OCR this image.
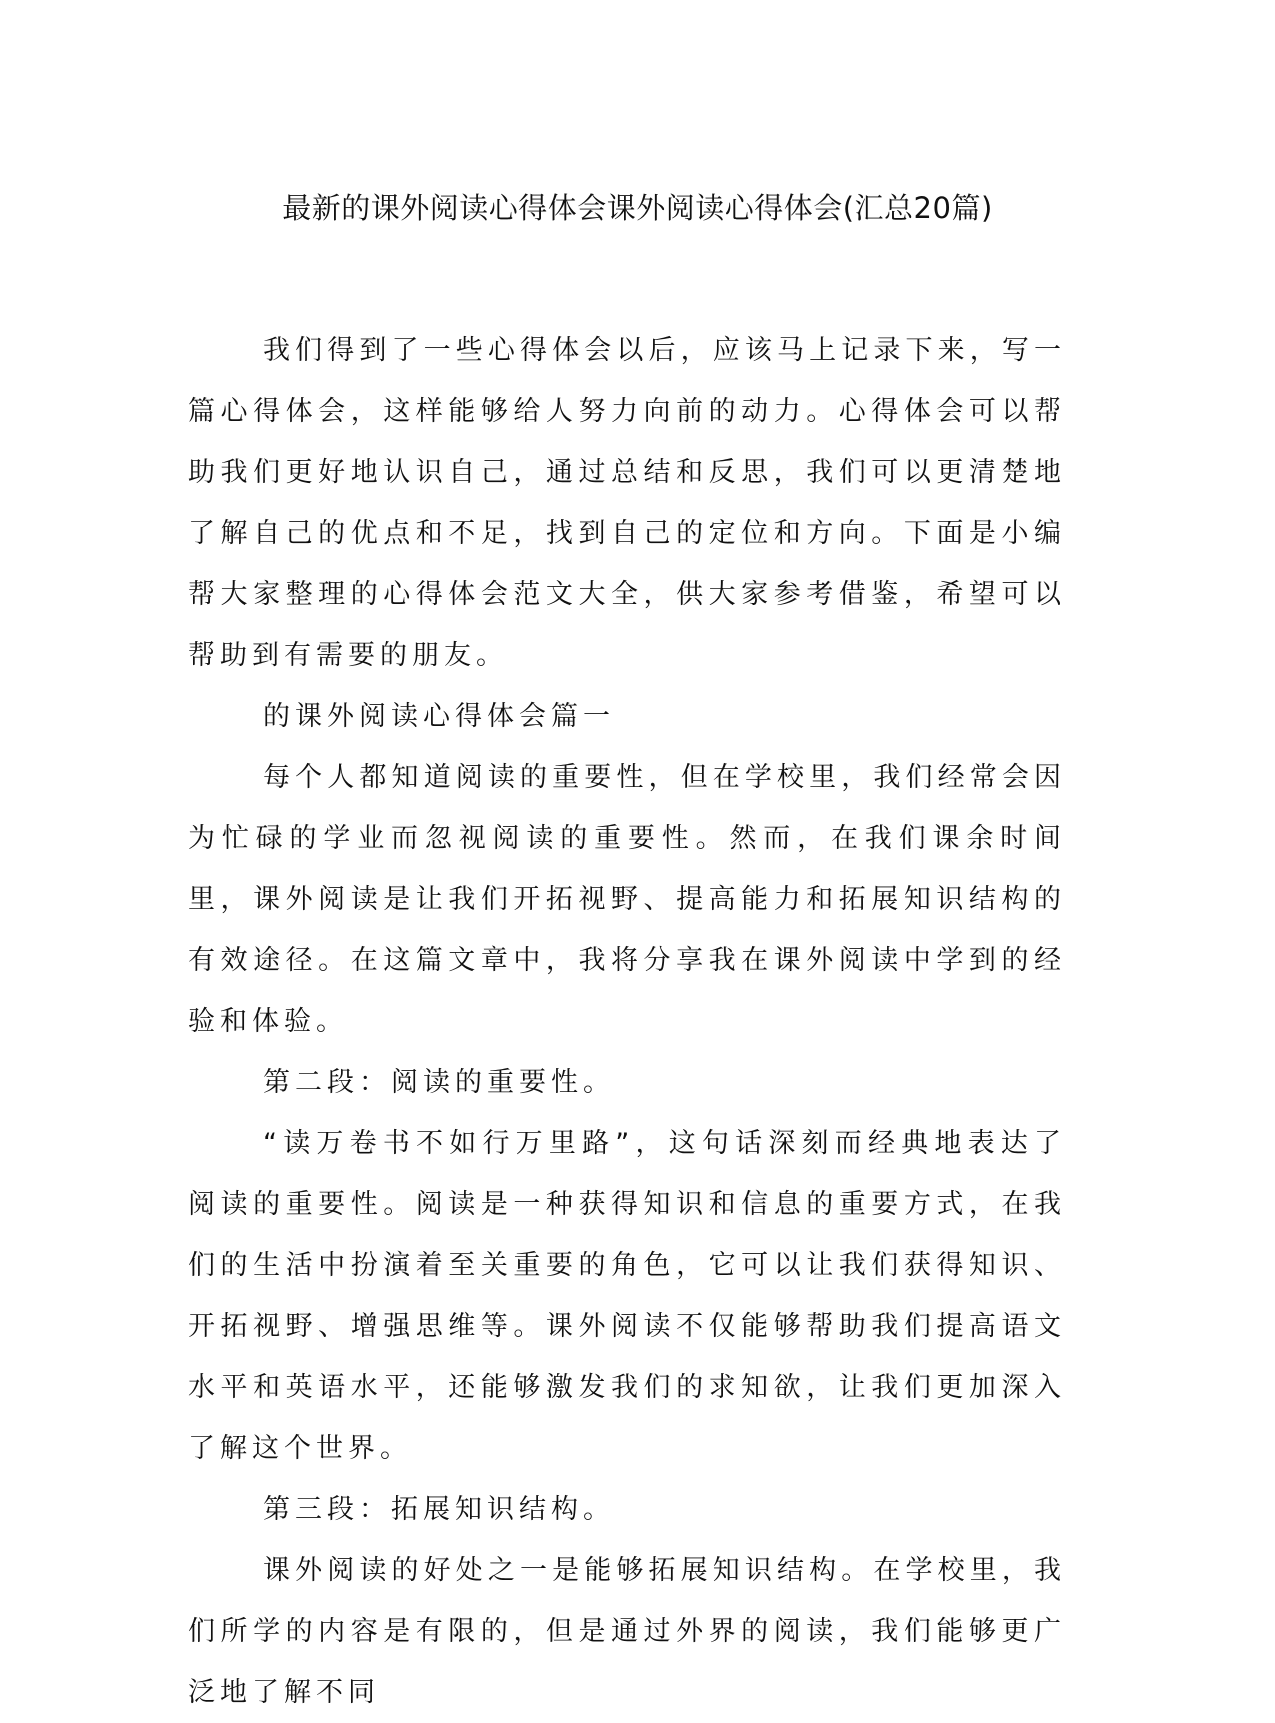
最新的课外阅读心得体会课外阅读心得体会(汇总20篇)

我们得到了一些心得体会以后，应该马上记录下来，写一篇心得体会，这样能够给人努力向前的动力。心得体会可以帮助我们更好地认识自己，通过总结和反思，我们可以更清楚地了解自己的优点和不足，找到自己的定位和方向。下面是小编帮大家整理的心得体会范文大全，供大家参考借鉴，希望可以帮助到有需要的朋友。

的课外阅读心得体会篇一

每个人都知道阅读的重要性，但在学校里，我们经常会因为忙碌的学业而忽视阅读的重要性。然而，在我们课余时间里，课外阅读是让我们开拓视野、提高能力和拓展知识结构的有效途径。在这篇文章中，我将分享我在课外阅读中学到的经验和体验。

第二段：阅读的重要性。

“读万卷书不如行万里路”，这句话深刻而经典地表达了阅读的重要性。阅读是一种获得知识和信息的重要方式，在我们的生活中扮演着至关重要的角色，它可以让我们获得知识、开拓视野、增强思维等。课外阅读不仅能够帮助我们提高语文水平和英语水平，还能够激发我们的求知欲，让我们更加深入了解这个世界。

第三段：拓展知识结构。

课外阅读的好处之一是能够拓展知识结构。在学校里，我们所学的内容是有限的，但是通过外界的阅读，我们能够更广泛地了解不同
